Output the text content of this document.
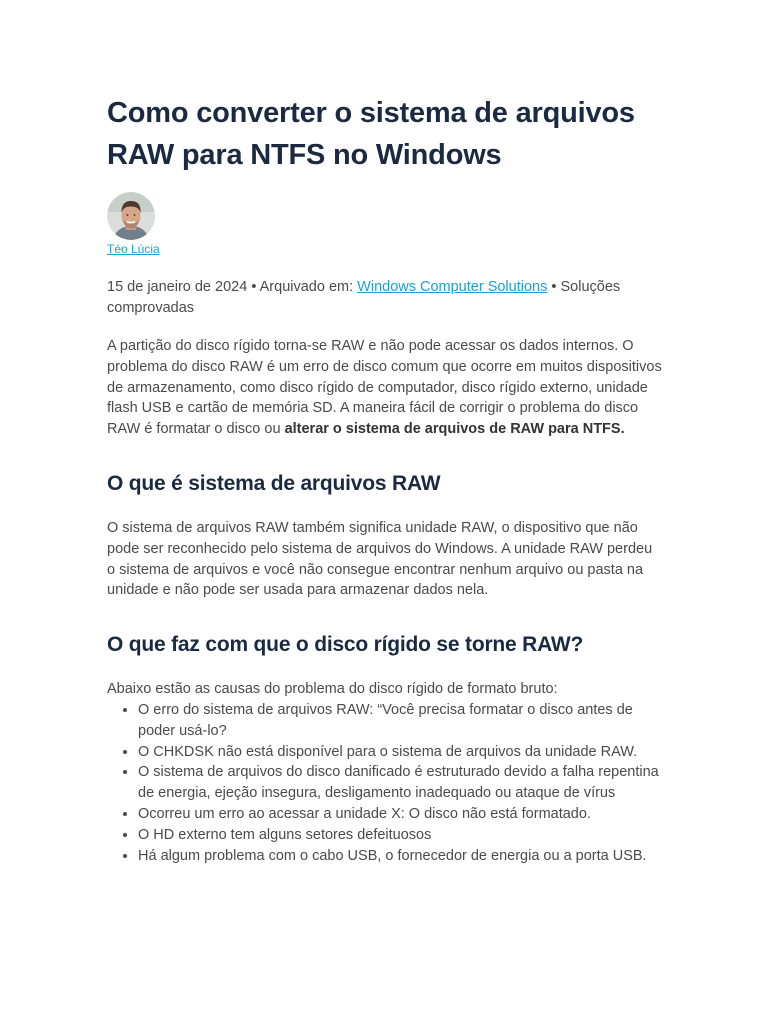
Como converter o sistema de arquivos RAW para NTFS no Windows
Téo Lúcia
15 de janeiro de 2024 • Arquivado em: Windows Computer Solutions • Soluções comprovadas

A partição do disco rígido torna-se RAW e não pode acessar os dados internos. O problema do disco RAW é um erro de disco comum que ocorre em muitos dispositivos de armazenamento, como disco rígido de computador, disco rígido externo, unidade flash USB e cartão de memória SD. A maneira fácil de corrigir o problema do disco RAW é formatar o disco ou alterar o sistema de arquivos de RAW para NTFS.

O que é sistema de arquivos RAW

O sistema de arquivos RAW também significa unidade RAW, o dispositivo que não pode ser reconhecido pelo sistema de arquivos do Windows. A unidade RAW perdeu o sistema de arquivos e você não consegue encontrar nenhum arquivo ou pasta na unidade e não pode ser usada para armazenar dados nela.

O que faz com que o disco rígido se torne RAW?
Abaixo estão as causas do problema do disco rígido de formato bruto:
• O erro do sistema de arquivos RAW: “Você precisa formatar o disco antes de poder usá-lo?
• O CHKDSK não está disponível para o sistema de arquivos da unidade RAW.
• O sistema de arquivos do disco danificado é estruturado devido a falha repentina de energia, ejeção insegura, desligamento inadequado ou ataque de vírus
• Ocorreu um erro ao acessar a unidade X: O disco não está formatado.
• O HD externo tem alguns setores defeituosos
• Há algum problema com o cabo USB, o fornecedor de energia ou a porta USB.
